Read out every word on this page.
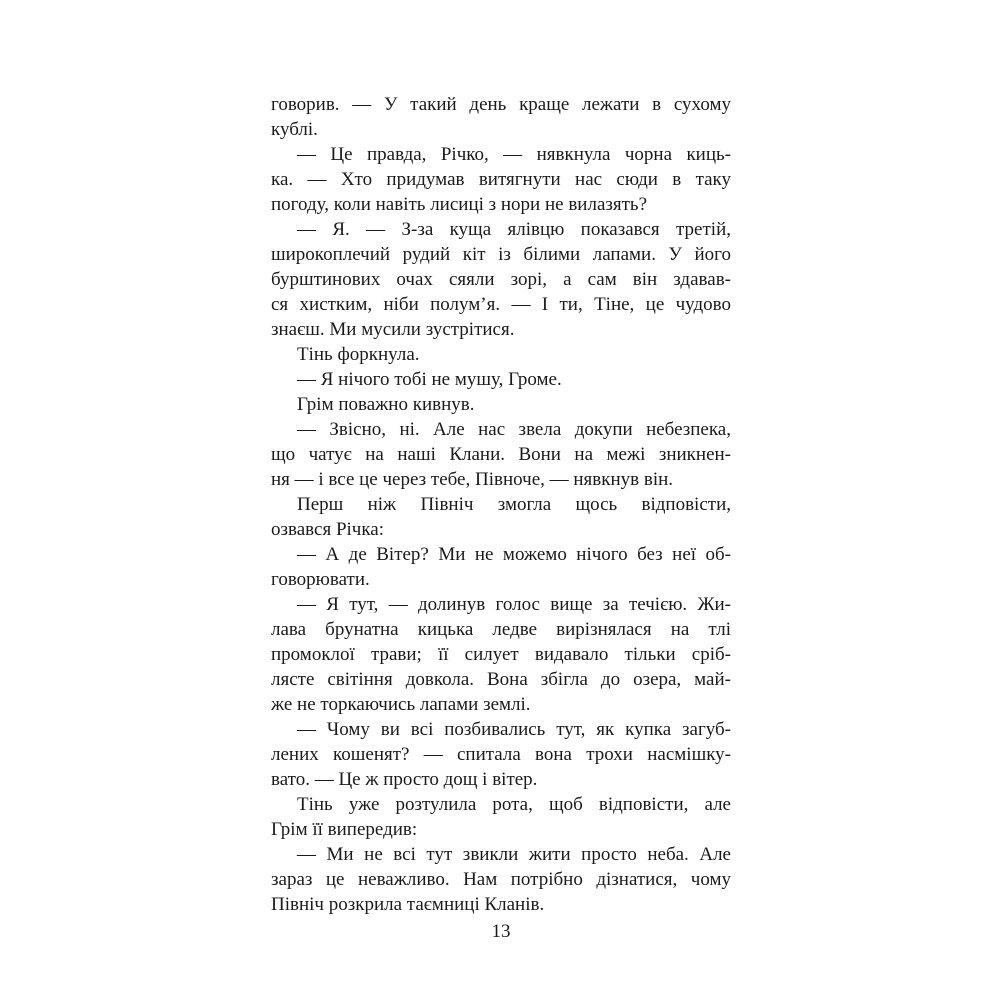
говорив. — У такий день краще лежати в сухому
кублі.
— Це правда, Річко, — нявкнула чорна киць-
ка. — Хто придумав витягнути нас сюди в таку
погоду, коли навіть лисиці з нори не вилазять?
— Я. — З-за куща ялівцю показався третій,
широкоплечий рудий кіт із білими лапами. У його
бурштинових очах сяяли зорі, а сам він здавав-
ся хистким, ніби полум’я. — І ти, Тіне, це чудово
знаєш. Ми мусили зустрітися.
Тінь форкнула.
— Я нічого тобі не мушу, Громе.
Грім поважно кивнув.
— Звісно, ні. Але нас звела докупи небезпека,
що чатує на наші Клани. Вони на межі зникнен-
ня — і все це через тебе, Півноче, — нявкнув він.
Перш ніж Північ змогла щось відповісти,
озвався Річка:
— А де Вітер? Ми не можемо нічого без неї об-
говорювати.
— Я тут, — долинув голос вище за течією. Жи-
лава брунатна кицька ледве вирізнялася на тлі
промоклої трави; її силует видавало тільки сріб-
лясте світіння довкола. Вона збігла до озера, май-
же не торкаючись лапами землі.
— Чому ви всі позбивались тут, як купка загуб-
лених кошенят? — спитала вона трохи насмішку-
вато. — Це ж просто дощ і вітер.
Тінь уже розтулила рота, щоб відповісти, але
Грім її випередив:
— Ми не всі тут звикли жити просто неба. Але
зараз це неважливо. Нам потрібно дізнатися, чому
Північ розкрила таємниці Кланів.
13
